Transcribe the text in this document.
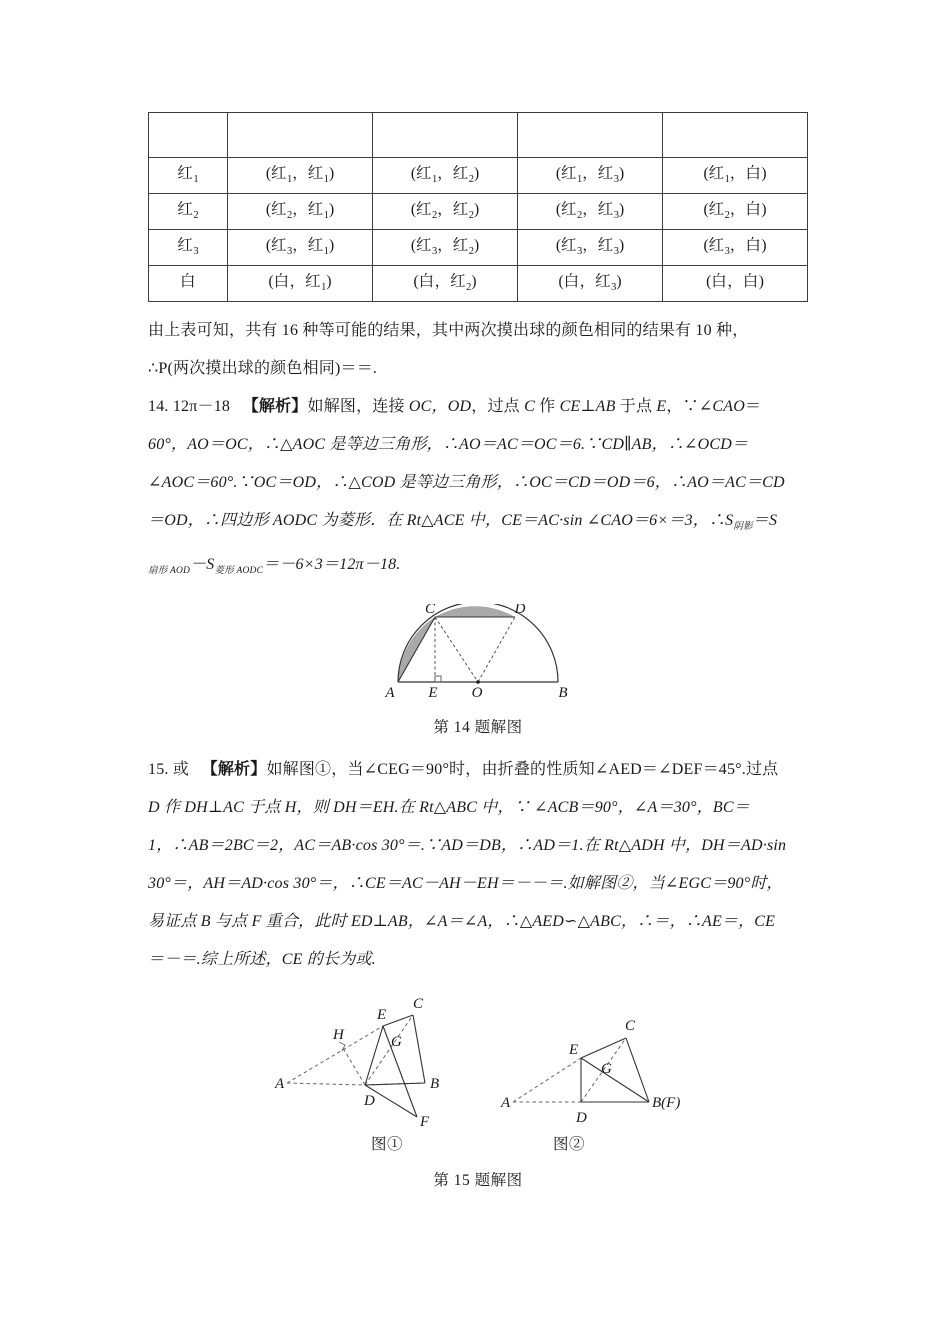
红$_1$	(红$_1$，红$_1$)	(红$_1$，红$_2$)	(红$_1$，红$_3$)	(红$_1$，白)
红$_2$	(红$_2$，红$_1$)	(红$_2$，红$_2$)	(红$_2$，红$_3$)	(红$_2$，白)
红$_3$	(红$_3$，红$_1$)	(红$_3$，红$_2$)	(红$_3$，红$_3$)	(红$_3$，白)
白	(白，红$_1$)	(白，红$_2$)	(白，红$_3$)	(白，白)

由上表可知，共有 16 种等可能的结果，其中两次摸出球的颜色相同的结果有 10 种，

∴P(两次摸出球的颜色相同)＝＝.

14. 12π－18 【解析】如解图，连接 OC，OD，过点 C 作 CE⊥AB 于点 E，∵∠CAO＝

60°，AO＝OC，∴△AOC 是等边三角形，∴AO＝AC＝OC＝6.∵CD∥AB，∴∠OCD＝

∠AOC＝60°.∵OC＝OD，∴△COD 是等边三角形，∴OC＝CD＝OD＝6，∴AO＝AC＝CD

＝OD，∴四边形 AODC 为菱形．在 Rt△ACE 中，CE＝AC·sin ∠CAO＝6×＝3，$\therefore S_{阴影}=S$

$_{扇形 AOD}-S_{菱形 AODC}=-6\times 3=12\pi-18$.

C	D
A E O	B
第 14 题解图

15. 或 【解析】如解图①，当∠CEG＝90°时，由折叠的性质知∠AED＝∠DEF＝45°.过点

D 作 DH⊥AC 于点 H，则 DH＝EH.在 Rt△ABC 中，∵ ∠ACB＝90°，∠A＝30°，BC＝

1，∴AB＝2BC＝2，AC＝AB·cos 30°＝.∵AD＝DB，∴AD＝1.在 Rt△ADH 中，DH＝AD·sin

30°＝，AH＝AD·cos 30°＝，∴CE＝AC－AH－EH＝－－＝.如解图②，当∠EGC＝90°时，

易证点 B 与点 F 重合，此时 ED⊥AB，∠A＝∠A，∴△AED∽△ABC，∴＝，∴AE＝，CE

＝－＝.综上所述，CE 的长为或.

A
D
B
E
C
G
H
F
A
D
B(F)
E
C
G
图①	图②
第 15 题解图
